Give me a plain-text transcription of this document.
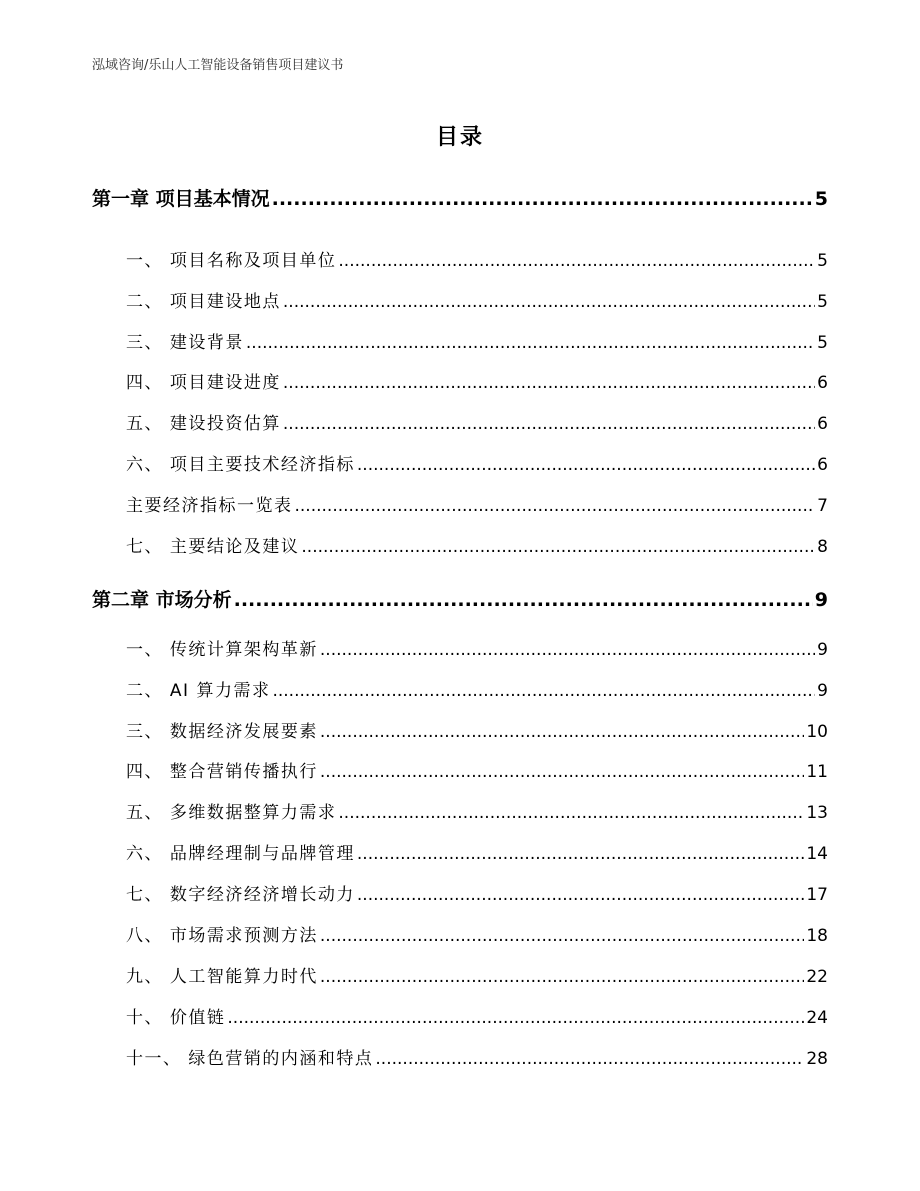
泓域咨询/乐山人工智能设备销售项目建议书
目录
第一章 项目基本情况 .....	5
一、 项目名称及项目单位 .....	5
二、 项目建设地点 .....	5
三、 建设背景 .....	5
四、 项目建设进度 .....	6
五、 建设投资估算 .....	6
六、 项目主要技术经济指标 .....	6
主要经济指标一览表 .....	7
七、 主要结论及建议 .....	8
第二章 市场分析 .....	9
一、 传统计算架构革新 .....	9
二、 AI 算力需求 .....	9
三、 数据经济发展要素 .....	10
四、 整合营销传播执行 .....	11
五、 多维数据整算力需求 .....	13
六、 品牌经理制与品牌管理 .....	14
七、 数字经济经济增长动力 .....	17
八、 市场需求预测方法 .....	18
九、 人工智能算力时代 .....	22
十、 价值链 .....	24
十一、 绿色营销的内涵和特点 .....	28
